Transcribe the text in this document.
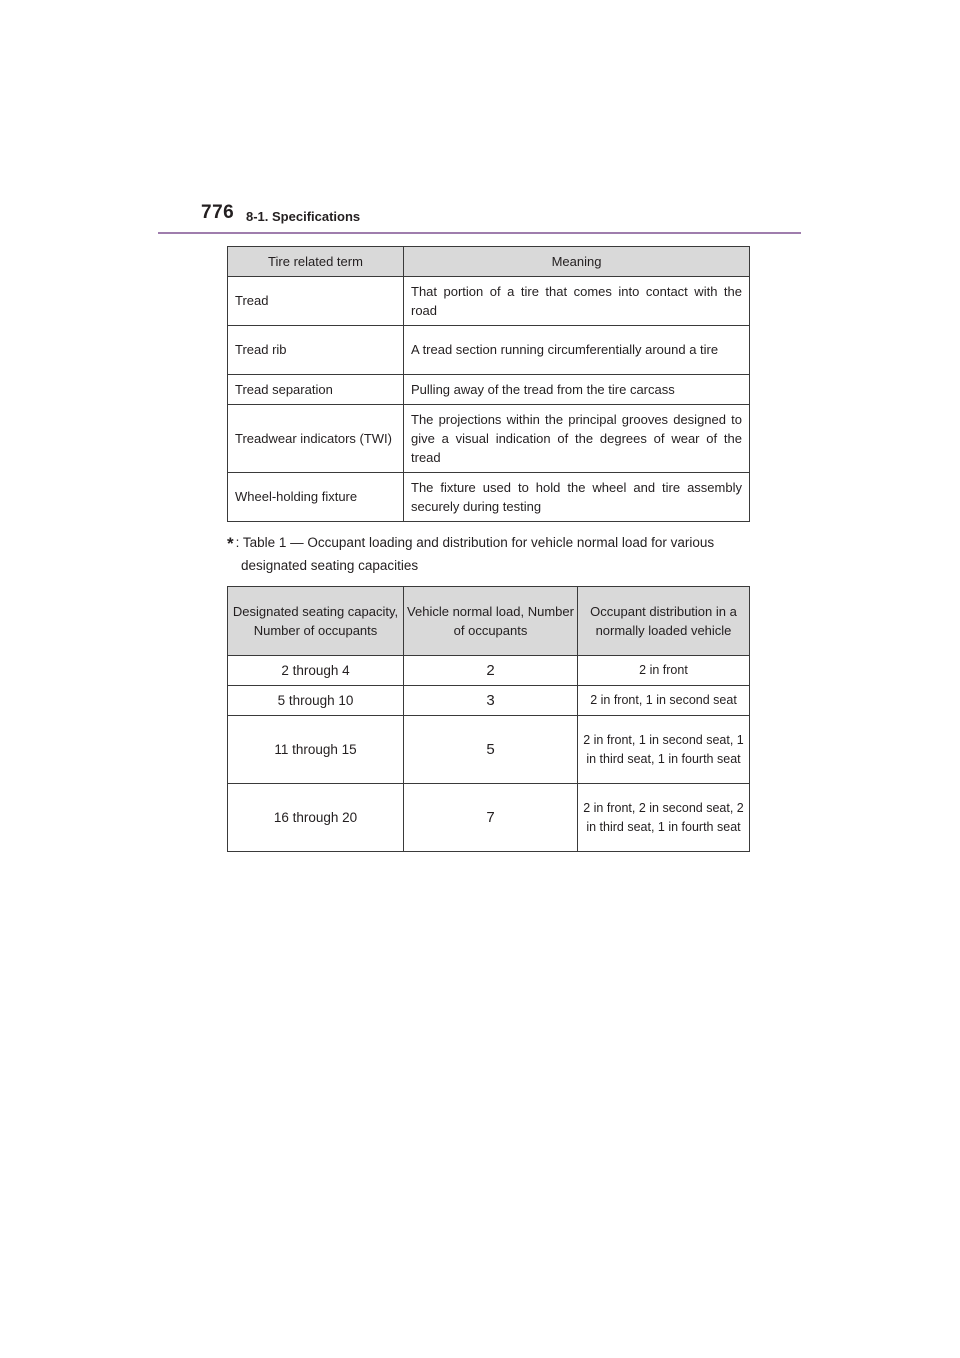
776 8-1. Specifications
Tire related term	Meaning
Tread	That portion of a tire that comes into contact with the road
Tread rib	A tread section running circumferentially around a tire
Tread separation	Pulling away of the tread from the tire carcass
Treadwear indicators (TWI)	The projections within the principal grooves designed to give a visual indication of the degrees of wear of the tread
Wheel-holding fixture	The fixture used to hold the wheel and tire assembly securely during testing
* : Table 1 — Occupant loading and distribution for vehicle normal load for various
designated seating capacities
Designated seating capacity, Number of occupants	Vehicle normal load, Number of occupants	Occupant distribution in a normally loaded vehicle
2 through 4	2	2 in front
5 through 10	3	2 in front, 1 in second seat
11 through 15	5	2 in front, 1 in second seat, 1 in third seat, 1 in fourth seat
16 through 20	7	2 in front, 2 in second seat, 2 in third seat, 1 in fourth seat
